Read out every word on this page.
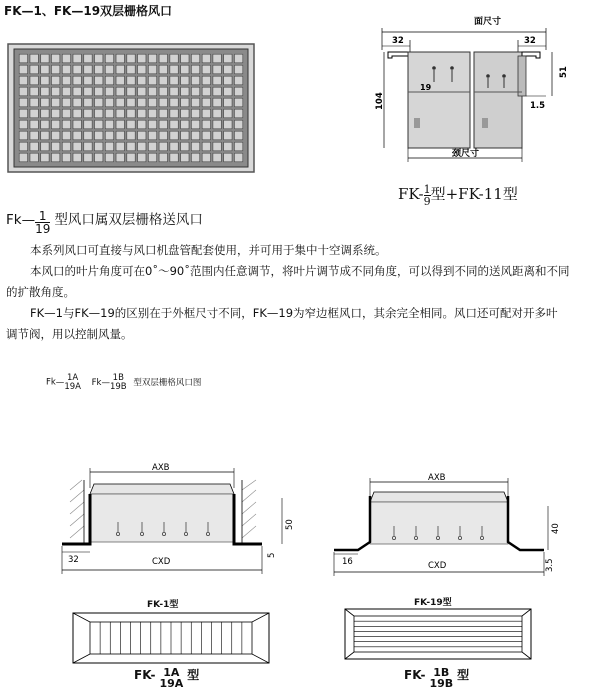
FK—1、FK—19双层栅格风口
面尺寸
32	32
19
104
51
1.5
颈尺寸
$FK- \frac{1}{9}$ 型+FK-11型
Fk— $\frac{1}{19}$ 型风口属双层栅格送风口
本系列风口可直接与风口机盘管配套使用，并可用于集中十空调系统。
本风口的叶片角度可在0˚～90˚范围内任意调节，将叶片调节成不同角度，可以得到不同的送风距离和不同
的扩散角度。
FK—1与FK—19的区别在于外框尺寸不同，FK—19为窄边框风口，其余完全相同。风口还可配对开多叶
调节阀，用以控制风量。
Fk— 1A
19A Fk— 1B
19B 型双层栅格风口图
AXB
50
5
32	CXD
AXB
40
3.5
16	CXD
FK-1型
FK- 1A
19A
型
FK-19型
FK- 1B
19B
型
